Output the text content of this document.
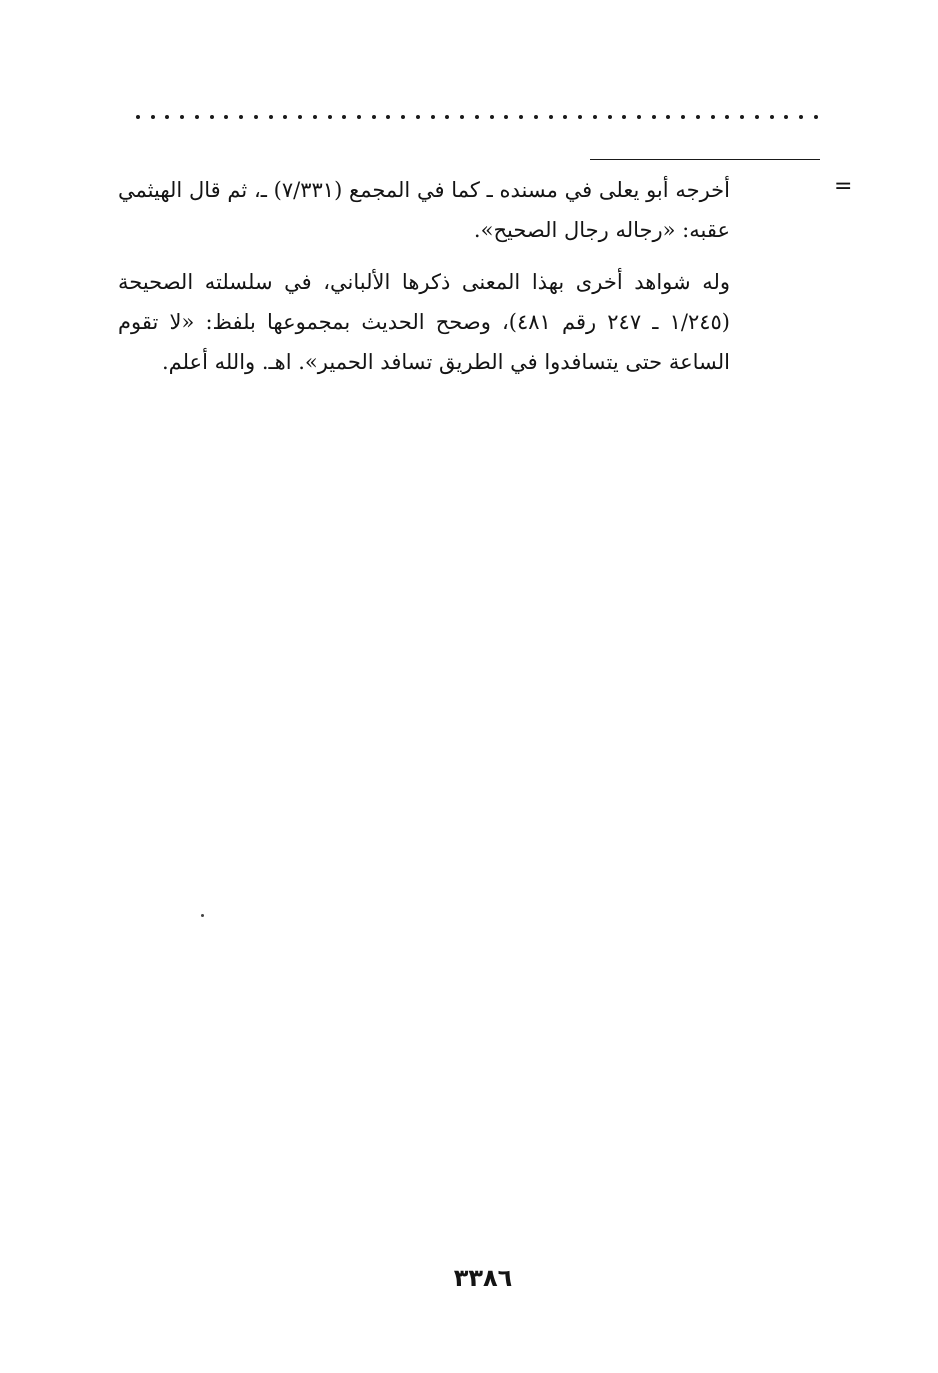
=

أخرجه أبو يعلى في مسنده ـ كما في المجمع (٧/٣٣١) ـ، ثم قال الهيثمي عقبه: «رجاله رجال الصحيح».

وله شواهد أخرى بهذا المعنى ذكرها الألباني، في سلسلته الصحيحة (١/٢٤٥ ـ ٢٤٧ رقم ٤٨١)، وصحح الحديث بمجموعها بلفظ: «لا تقوم الساعة حتى يتسافدوا في الطريق تسافد الحمير». اهـ. والله أعلم.

٣٣٨٦
